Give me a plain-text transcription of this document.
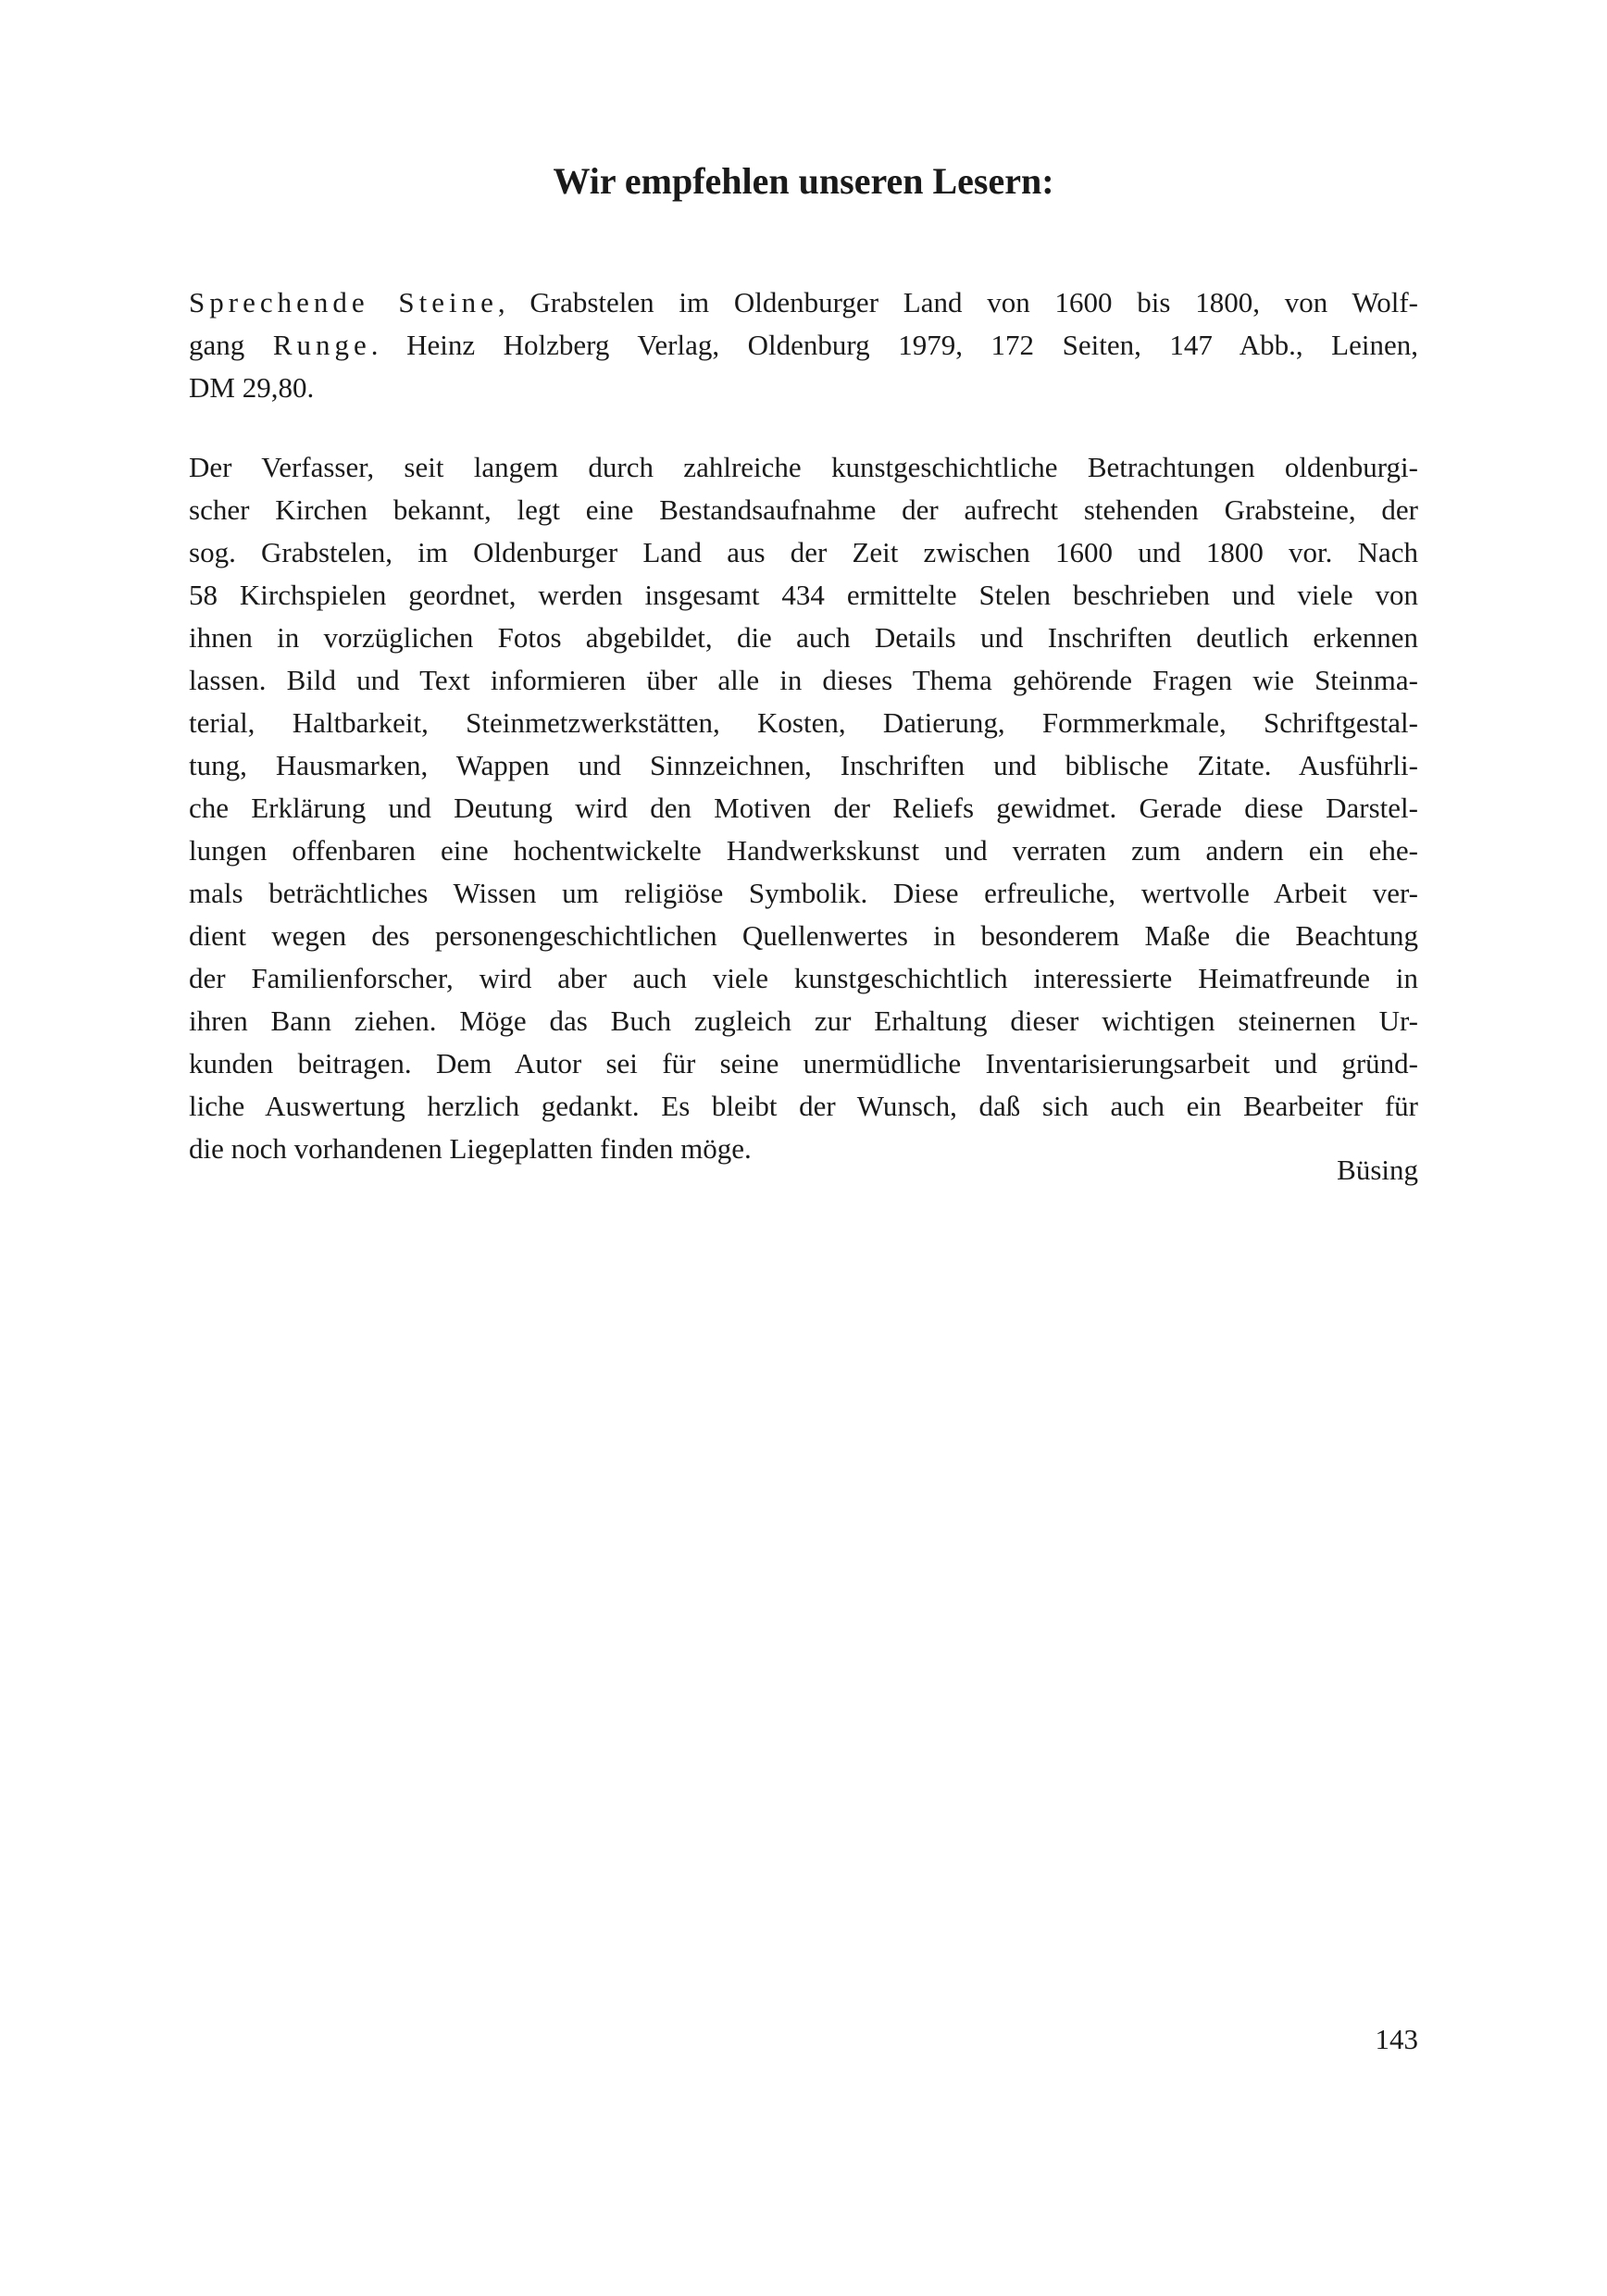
Wir empfehlen unseren Lesern:
Sprechende Steine, Grabstelen im Oldenburger Land von 1600 bis 1800, von Wolf-
gang Runge. Heinz Holzberg Verlag, Oldenburg 1979, 172 Seiten, 147 Abb., Leinen,
DM 29,80.
Der Verfasser, seit langem durch zahlreiche kunstgeschichtliche Betrachtungen oldenburgi-
scher Kirchen bekannt, legt eine Bestandsaufnahme der aufrecht stehenden Grabsteine, der
sog. Grabstelen, im Oldenburger Land aus der Zeit zwischen 1600 und 1800 vor. Nach
58 Kirchspielen geordnet, werden insgesamt 434 ermittelte Stelen beschrieben und viele von
ihnen in vorzüglichen Fotos abgebildet, die auch Details und Inschriften deutlich erkennen
lassen. Bild und Text informieren über alle in dieses Thema gehörende Fragen wie Steinma-
terial, Haltbarkeit, Steinmetzwerkstätten, Kosten, Datierung, Formmerkmale, Schriftgestal-
tung, Hausmarken, Wappen und Sinnzeichnen, Inschriften und biblische Zitate. Ausführli-
che Erklärung und Deutung wird den Motiven der Reliefs gewidmet. Gerade diese Darstel-
lungen offenbaren eine hochentwickelte Handwerkskunst und verraten zum andern ein ehe-
mals beträchtliches Wissen um religiöse Symbolik. Diese erfreuliche, wertvolle Arbeit ver-
dient wegen des personengeschichtlichen Quellenwertes in besonderem Maße die Beachtung
der Familienforscher, wird aber auch viele kunstgeschichtlich interessierte Heimatfreunde in
ihren Bann ziehen. Möge das Buch zugleich zur Erhaltung dieser wichtigen steinernen Ur-
kunden beitragen. Dem Autor sei für seine unermüdliche Inventarisierungsarbeit und gründ-
liche Auswertung herzlich gedankt. Es bleibt der Wunsch, daß sich auch ein Bearbeiter für
die noch vorhandenen Liegeplatten finden möge.

Büsing

143
